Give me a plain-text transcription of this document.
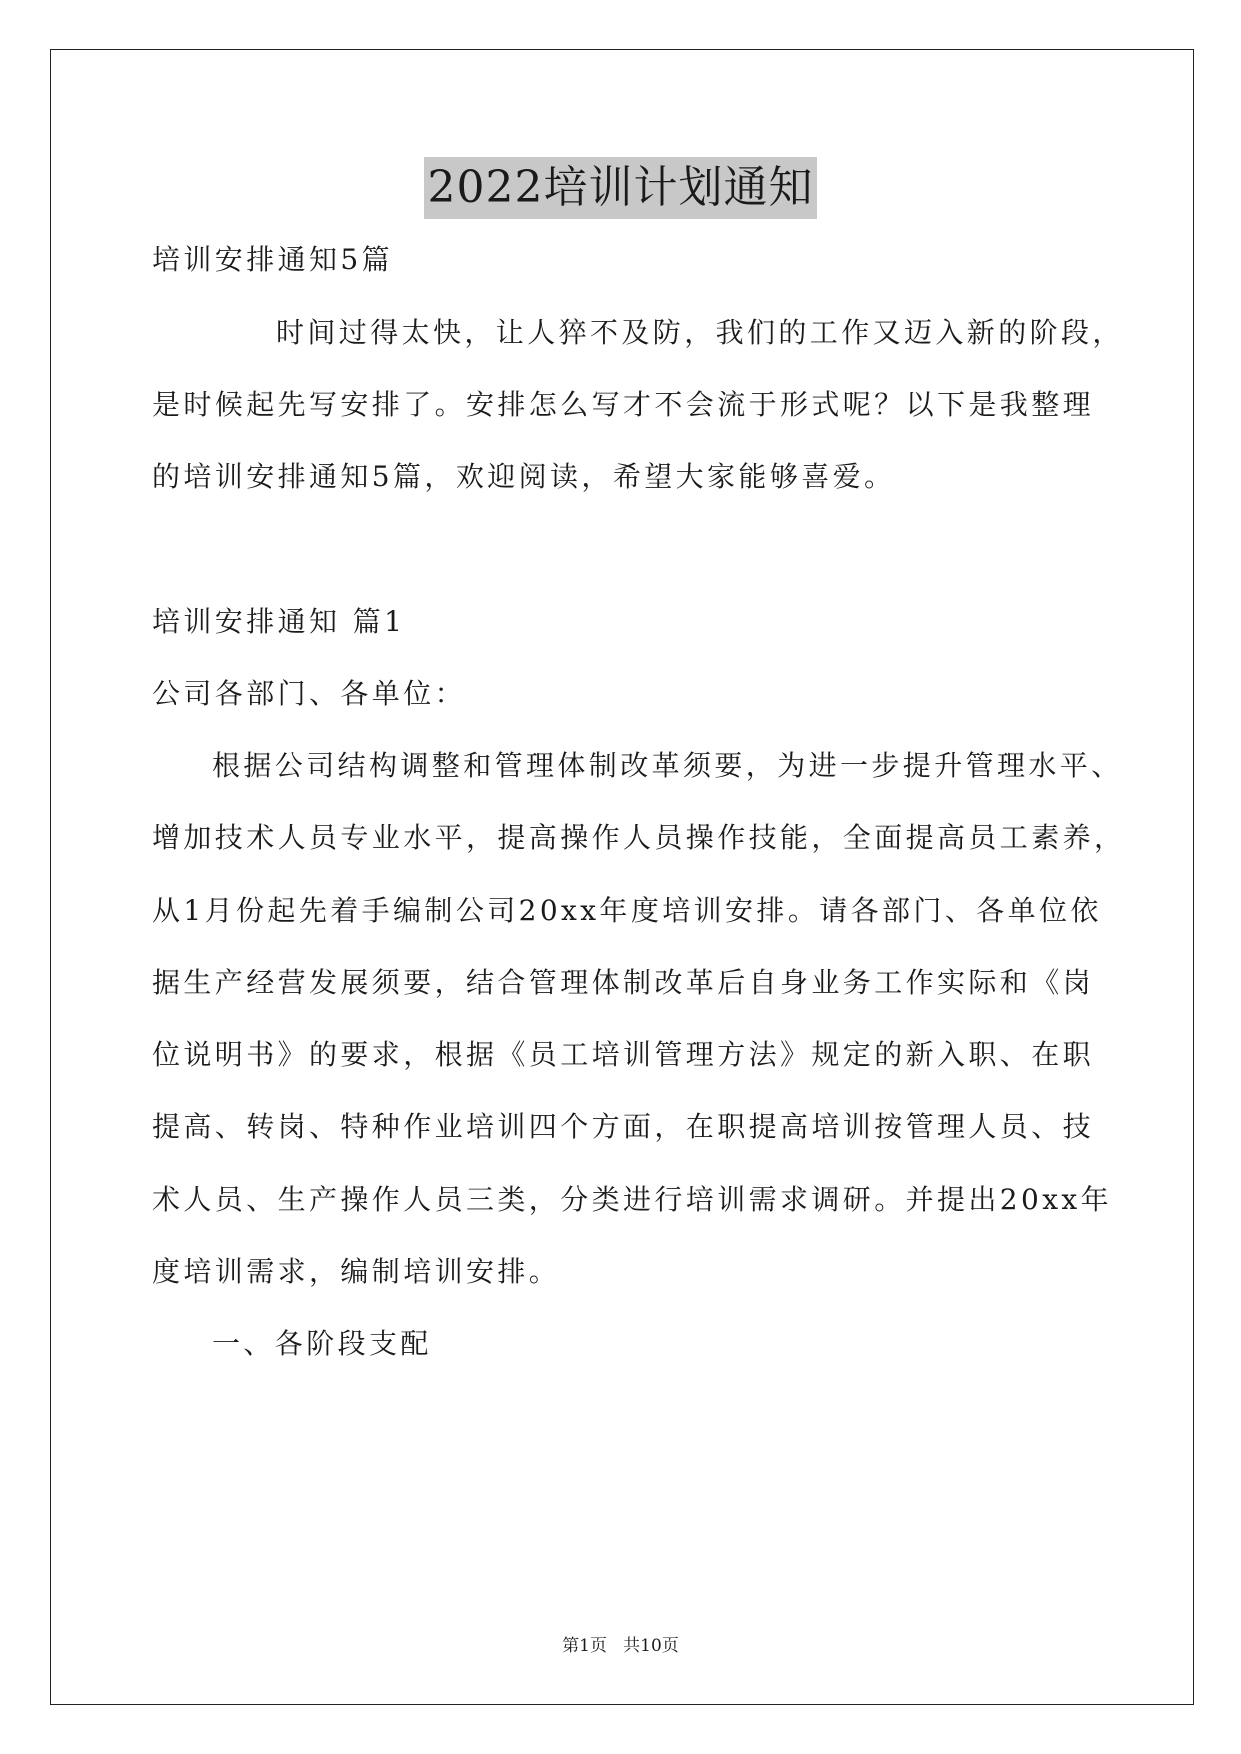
2022培训计划通知
培训安排通知5篇
时间过得太快，让人猝不及防，我们的工作又迈入新的阶段，
是时候起先写安排了。安排怎么写才不会流于形式呢？以下是我整理
的培训安排通知5篇，欢迎阅读，希望大家能够喜爱。
培训安排通知 篇1
公司各部门、各单位：
根据公司结构调整和管理体制改革须要，为进一步提升管理水平、
增加技术人员专业水平，提高操作人员操作技能，全面提高员工素养，
从1月份起先着手编制公司20xx年度培训安排。请各部门、各单位依
据生产经营发展须要，结合管理体制改革后自身业务工作实际和《岗
位说明书》的要求，根据《员工培训管理方法》规定的新入职、在职
提高、转岗、特种作业培训四个方面，在职提高培训按管理人员、技
术人员、生产操作人员三类，分类进行培训需求调研。并提出20xx年
度培训需求，编制培训安排。
一、各阶段支配
第1页   共10页
